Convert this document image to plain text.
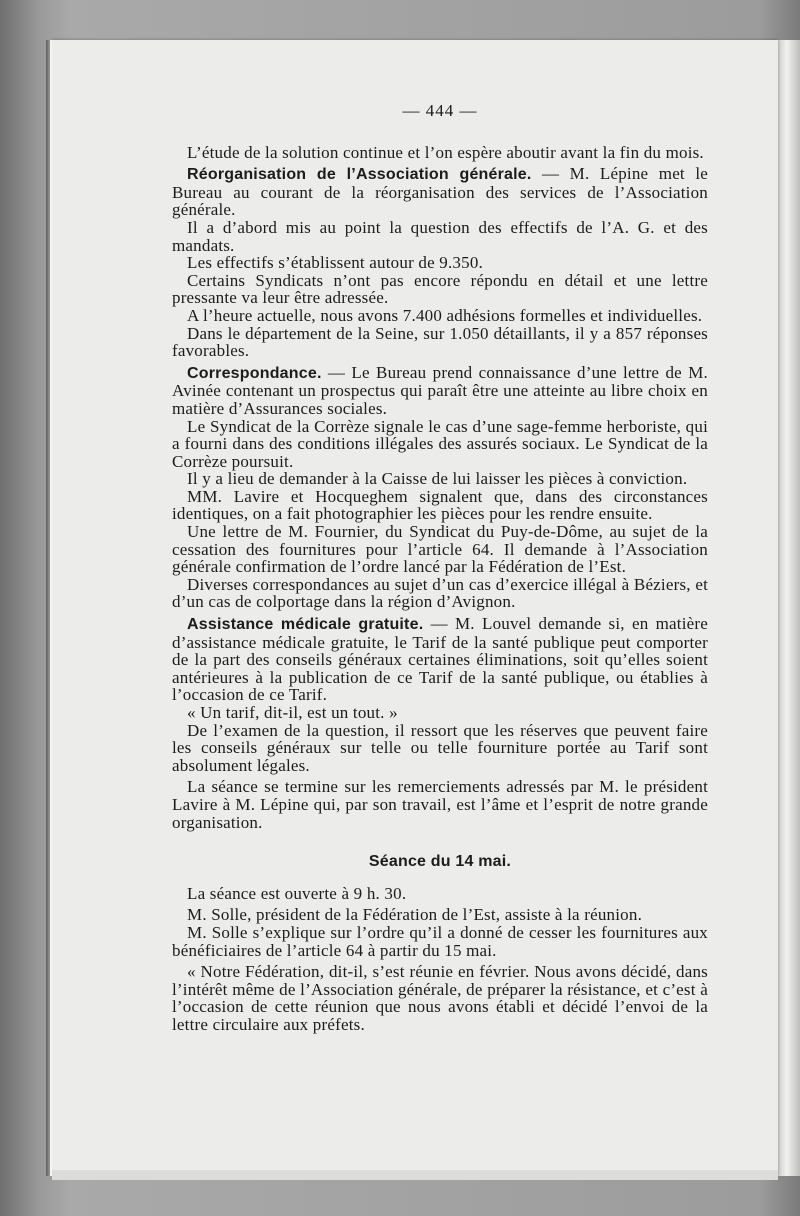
— 444 —

L’étude de la solution continue et l’on espère aboutir avant la fin du mois.

Réorganisation de l’Association générale. — M. Lépine met le Bureau au courant de la réorganisation des services de l’Association générale.

Il a d’abord mis au point la question des effectifs de l’A. G. et des mandats.

Les effectifs s’établissent autour de 9.350.

Certains Syndicats n’ont pas encore répondu en détail et une lettre pressante va leur être adressée.

A l’heure actuelle, nous avons 7.400 adhésions formelles et individuelles.

Dans le département de la Seine, sur 1.050 détaillants, il y a 857 réponses favorables.

Correspondance. — Le Bureau prend connaissance d’une lettre de M. Avinée contenant un prospectus qui paraît être une atteinte au libre choix en matière d’Assurances sociales.

Le Syndicat de la Corrèze signale le cas d’une sage-femme herboriste, qui a fourni dans des conditions illégales des assurés sociaux. Le Syndicat de la Corrèze poursuit.

Il y a lieu de demander à la Caisse de lui laisser les pièces à conviction.

MM. Lavire et Hocqueghem signalent que, dans des circonstances identiques, on a fait photographier les pièces pour les rendre ensuite.

Une lettre de M. Fournier, du Syndicat du Puy-de-Dôme, au sujet de la cessation des fournitures pour l’article 64. Il demande à l’Association générale confirmation de l’ordre lancé par la Fédération de l’Est.

Diverses correspondances au sujet d’un cas d’exercice illégal à Béziers, et d’un cas de colportage dans la région d’Avignon.

Assistance médicale gratuite. — M. Louvel demande si, en matière d’assistance médicale gratuite, le Tarif de la santé publique peut comporter de la part des conseils généraux certaines éliminations, soit qu’elles soient antérieures à la publication de ce Tarif de la santé publique, ou établies à l’occasion de ce Tarif.

« Un tarif, dit-il, est un tout. »

De l’examen de la question, il ressort que les réserves que peuvent faire les conseils généraux sur telle ou telle fourniture portée au Tarif sont absolument légales.

La séance se termine sur les remerciements adressés par M. le président Lavire à M. Lépine qui, par son travail, est l’âme et l’esprit de notre grande organisation.

Séance du 14 mai.

La séance est ouverte à 9 h. 30.

M. Solle, président de la Fédération de l’Est, assiste à la réunion.

M. Solle s’explique sur l’ordre qu’il a donné de cesser les fournitures aux bénéficiaires de l’article 64 à partir du 15 mai.

« Notre Fédération, dit-il, s’est réunie en février. Nous avons décidé, dans l’intérêt même de l’Association générale, de préparer la résistance, et c’est à l’occasion de cette réunion que nous avons établi et décidé l’envoi de la lettre circulaire aux préfets.
